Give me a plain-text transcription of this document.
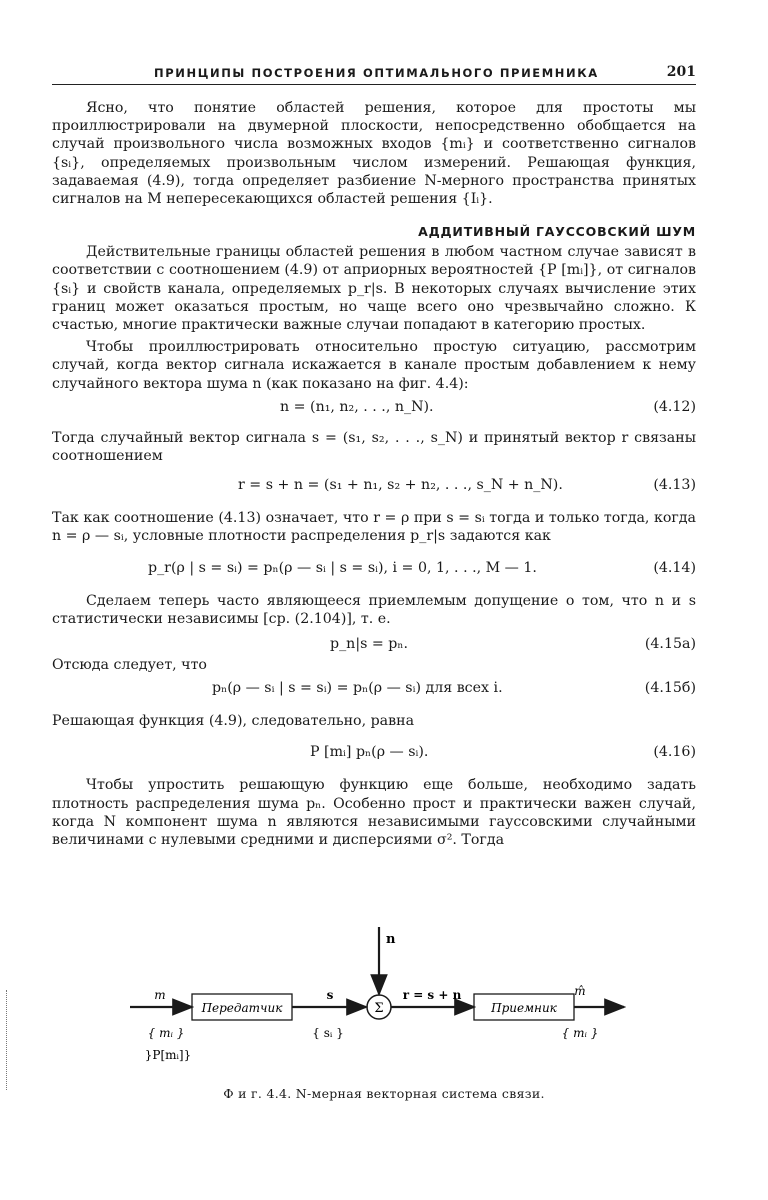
ПРИНЦИПЫ ПОСТРОЕНИЯ ОПТИМАЛЬНОГО ПРИЕМНИКА	201

Ясно, что понятие областей решения, которое для простоты мы проиллюстрировали на двумерной плоскости, непосредственно обобщается на случай произвольного числа возможных входов {mᵢ} и соответственно сигналов {sᵢ}, определяемых произвольным числом измерений. Решающая функция, задаваемая (4.9), тогда определяет разбиение N-мерного пространства принятых сигналов на M непересекающихся областей решения {Iᵢ}.

АДДИТИВНЫЙ ГАУССОВСКИЙ ШУМ

Действительные границы областей решения в любом частном случае зависят в соответствии с соотношением (4.9) от априорных вероятностей {P [mᵢ]}, от сигналов {sᵢ} и свойств канала, определяемых p_r|s. В некоторых случаях вычисление этих границ может оказаться простым, но чаще всего оно чрезвычайно сложно. К счастью, многие практически важные случаи попадают в категорию простых.

Чтобы проиллюстрировать относительно простую ситуацию, рассмотрим случай, когда вектор сигнала искажается в канале простым добавлением к нему случайного вектора шума n (как показано на фиг. 4.4):

n = (n₁, n₂, . . ., n_N).	(4.12)

Тогда случайный вектор сигнала s = (s₁, s₂, . . ., s_N) и принятый вектор r связаны соотношением

r = s + n = (s₁ + n₁, s₂ + n₂, . . ., s_N + n_N).	(4.13)

Так как соотношение (4.13) означает, что r = ρ при s = sᵢ тогда и только тогда, когда n = ρ — sᵢ, условные плотности распределения p_r|s задаются как

p_r(ρ | s = sᵢ) = pₙ(ρ — sᵢ | s = sᵢ), i = 0, 1, . . ., M — 1.	(4.14)

Сделаем теперь часто являющееся приемлемым допущение о том, что n и s статистически независимы [ср. (2.104)], т. е.

p_n|s = pₙ.	(4.15а)

Отсюда следует, что

pₙ(ρ — sᵢ | s = sᵢ) = pₙ(ρ — sᵢ) для всех i.	(4.15б)

Решающая функция (4.9), следовательно, равна

P [mᵢ] pₙ(ρ — sᵢ).	(4.16)

Чтобы упростить решающую функцию еще больше, необходимо задать плотность распределения шума pₙ. Особенно прост и практически важен случай, когда N компонент шума n являются независимыми гауссовскими случайными величинами с нулевыми средними и дисперсиями σ². Тогда

Передатчик	Σ
n
r = s + n
Приемник
m	s	m̂
{ mᵢ }
}P[mᵢ]}
{ sᵢ }	{ mᵢ }
Ф и г. 4.4. N-мерная векторная система связи.
